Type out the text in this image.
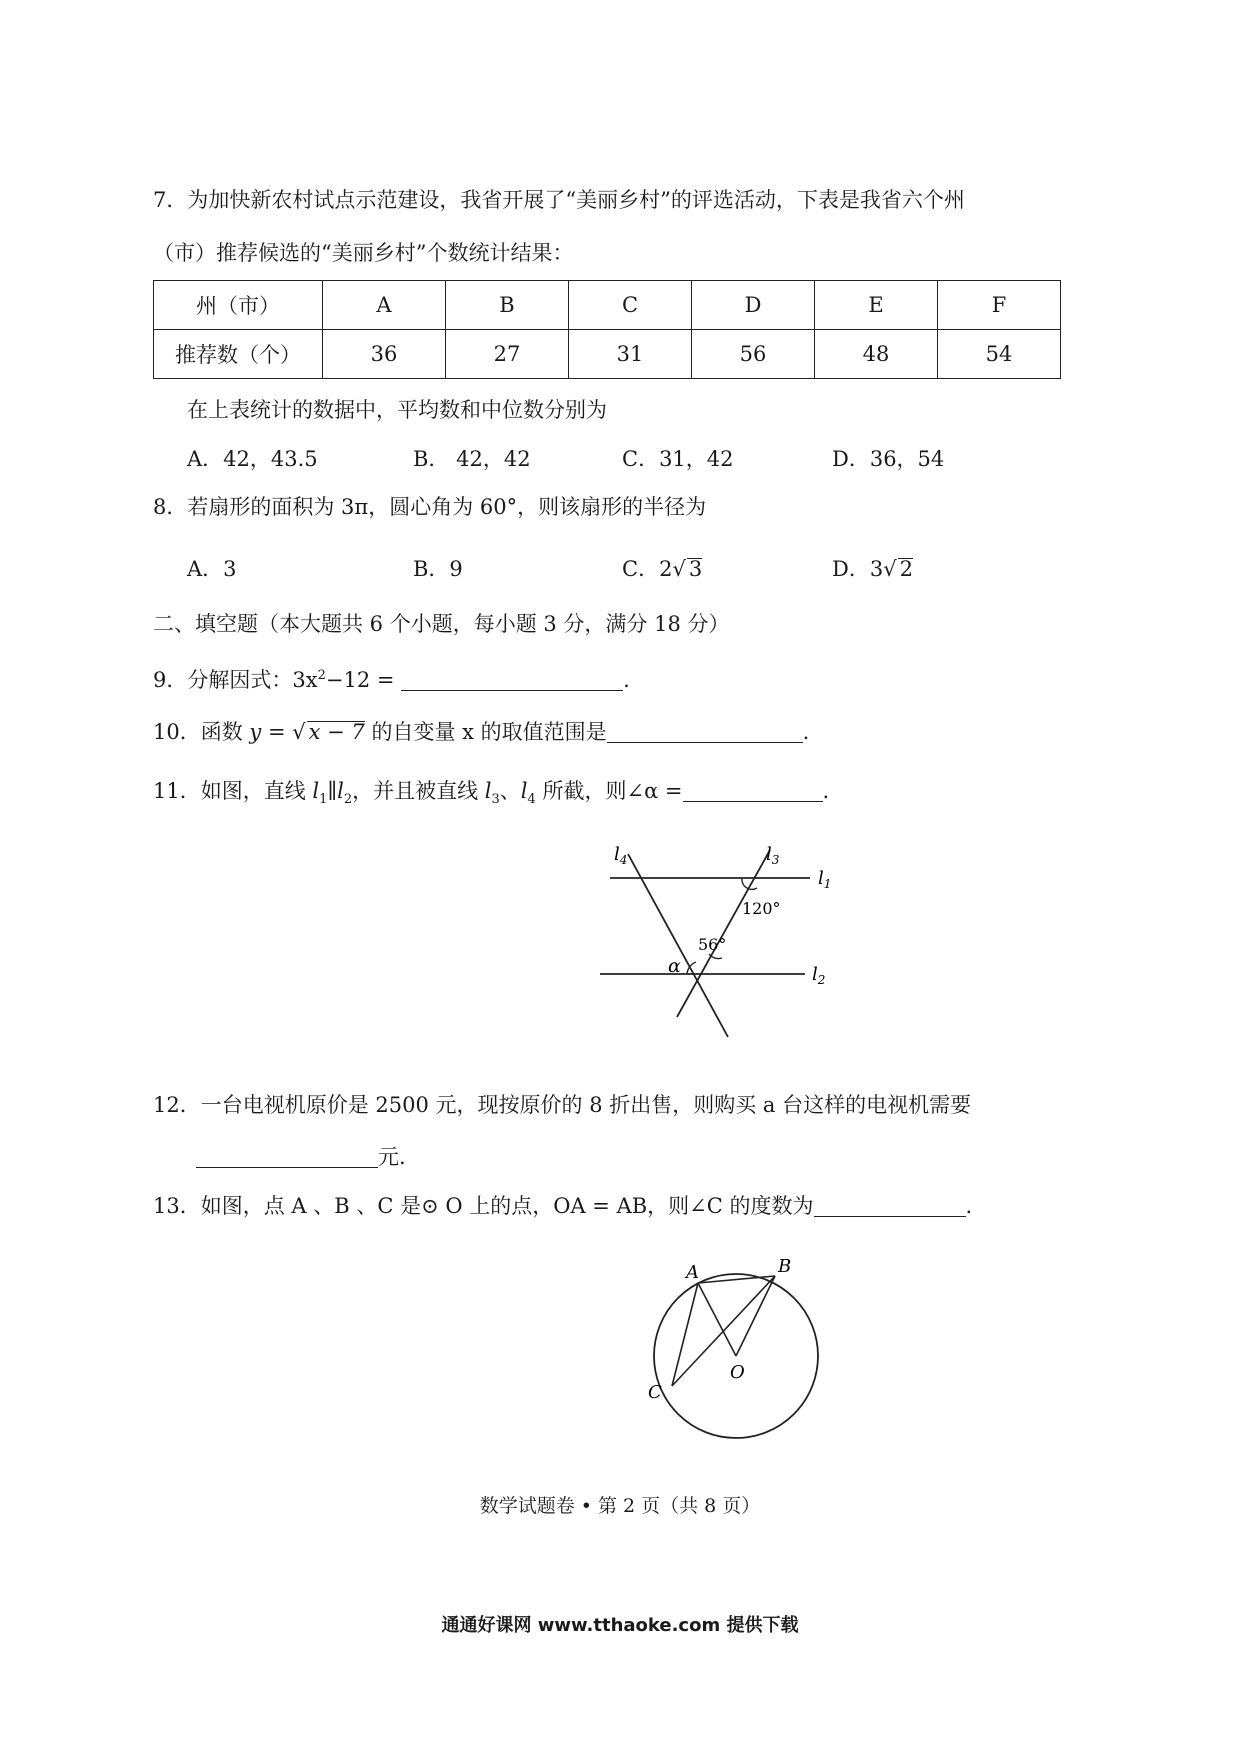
7．为加快新农村试点示范建设，我省开展了“美丽乡村”的评选活动，下表是我省六个州
（市）推荐候选的“美丽乡村”个数统计结果：
州（市）	A	B	C	D	E	F
推荐数（个）	36	27	31	56	48	54
在上表统计的数据中，平均数和中位数分别为
A．42，43.5	B． 42，42	C．31，42	D．36，54
8．若扇形的面积为 3π，圆心角为 60°，则该扇形的半径为
A．3	B．9	C．2√ 3	D．3√ 2
二、填空题（本大题共 6 个小题，每小题 3 分，满分 18 分）
9．分解因式：$3x^2-12$ =	.
10．函数 y = √ x − 7 的自变量 x 的取值范围是	.
11．如图，直线 $l_1\parallel l_2$，并且被直线 $l_3$、$l_4$ 所截，则∠α =	.
$l_4$	$l_3$
$l_1$
$l_2$
120°
56°
α
12．一台电视机原价是 2500 元，现按原价的 8 折出售，则购买 a 台这样的电视机需要
元.
13．如图，点 A 、B 、C 是⊙ O 上的点，OA = AB，则∠C 的度数为	.
A	B
C
O
数学试题卷 • 第 2 页（共 8 页）
通通好课网 www.tthaoke.com 提供下载
